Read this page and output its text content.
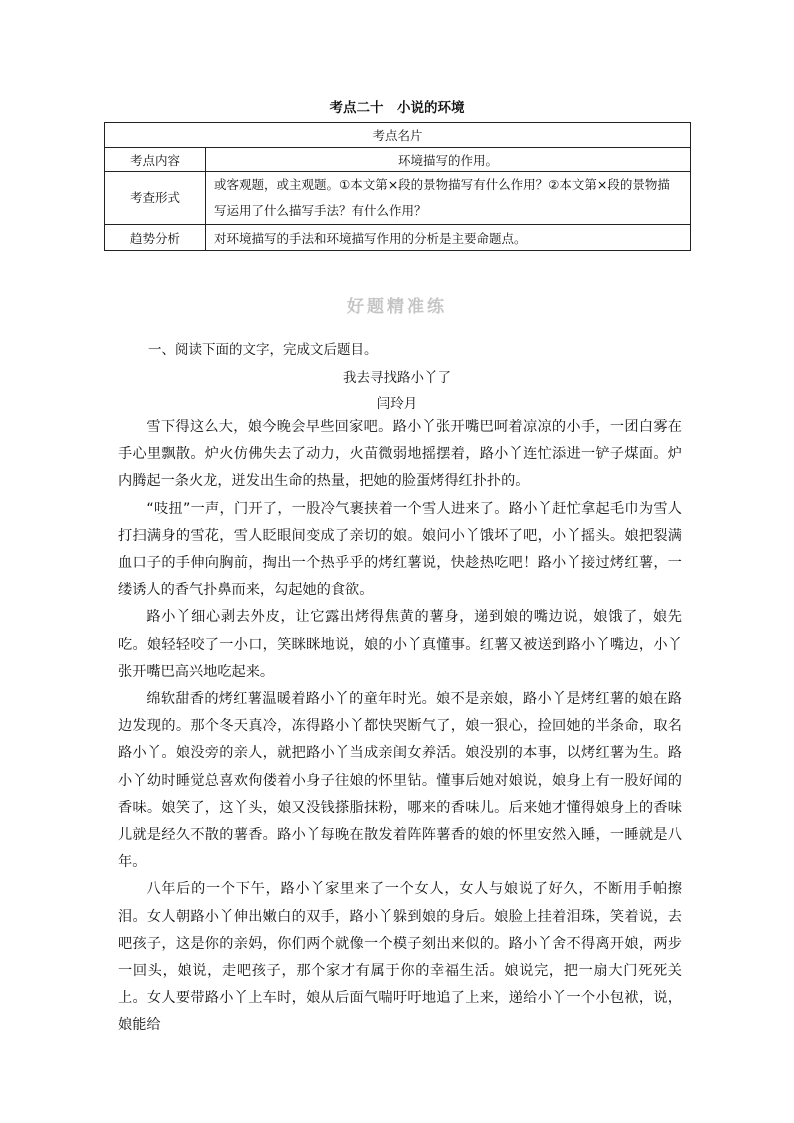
考点二十　小说的环境
考点名片	
考点内容	环境描写的作用。
考查形式	或客观题，或主观题。①本文第×段的景物描写有什么作用？②本文第×段的景物描写运用了什么描写手法？有什么作用？
趋势分析	对环境描写的手法和环境描写作用的分析是主要命题点。
好题精准练
一、阅读下面的文字，完成文后题目。
我去寻找路小丫了
闫玲月

雪下得这么大，娘今晚会早些回家吧。路小丫张开嘴巴呵着凉凉的小手，一团白雾在手心里飘散。炉火仿佛失去了动力，火苗微弱地摇摆着，路小丫连忙添进一铲子煤面。炉内腾起一条火龙，迸发出生命的热量，把她的脸蛋烤得红扑扑的。

“吱扭”一声，门开了，一股冷气裹挟着一个雪人进来了。路小丫赶忙拿起毛巾为雪人打扫满身的雪花，雪人眨眼间变成了亲切的娘。娘问小丫饿坏了吧，小丫摇头。娘把裂满血口子的手伸向胸前，掏出一个热乎乎的烤红薯说，快趁热吃吧！路小丫接过烤红薯，一缕诱人的香气扑鼻而来，勾起她的食欲。

路小丫细心剥去外皮，让它露出烤得焦黄的薯身，递到娘的嘴边说，娘饿了，娘先吃。娘轻轻咬了一小口，笑眯眯地说，娘的小丫真懂事。红薯又被送到路小丫嘴边，小丫张开嘴巴高兴地吃起来。

绵软甜香的烤红薯温暖着路小丫的童年时光。娘不是亲娘，路小丫是烤红薯的娘在路边发现的。那个冬天真冷，冻得路小丫都快哭断气了，娘一狠心，捡回她的半条命，取名路小丫。娘没旁的亲人，就把路小丫当成亲闺女养活。娘没别的本事，以烤红薯为生。路小丫幼时睡觉总喜欢佝偻着小身子往娘的怀里钻。懂事后她对娘说，娘身上有一股好闻的香味。娘笑了，这丫头，娘又没钱搽脂抹粉，哪来的香味儿。后来她才懂得娘身上的香味儿就是经久不散的薯香。路小丫每晚在散发着阵阵薯香的娘的怀里安然入睡，一睡就是八年。

八年后的一个下午，路小丫家里来了一个女人，女人与娘说了好久，不断用手帕擦泪。女人朝路小丫伸出嫩白的双手，路小丫躲到娘的身后。娘脸上挂着泪珠，笑着说，去吧孩子，这是你的亲妈，你们两个就像一个模子刻出来似的。路小丫舍不得离开娘，两步一回头，娘说，走吧孩子，那个家才有属于你的幸福生活。娘说完，把一扇大门死死关上。女人要带路小丫上车时，娘从后面气喘吁吁地追了上来，递给小丫一个小包袱，说，娘能给
